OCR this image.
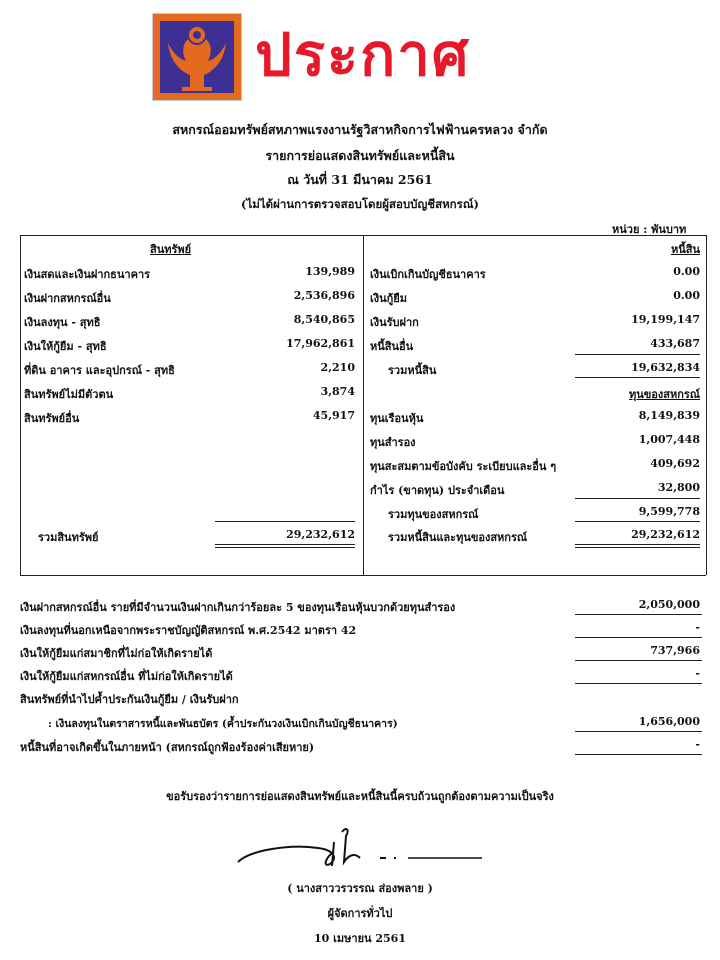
ประกาศ
สหกรณ์ออมทรัพย์สหภาพแรงงานรัฐวิสาหกิจการไฟฟ้านครหลวง จำกัด
รายการย่อแสดงสินทรัพย์และหนี้สิน
ณ วันที่ 31 มีนาคม 2561
(ไม่ได้ผ่านการตรวจสอบโดยผู้สอบบัญชีสหกรณ์)
หน่วย : พันบาท
สินทรัพย์	หนี้สิน
เงินสดและเงินฝากธนาคาร	139,989
เงินฝากสหกรณ์อื่น	2,536,896
เงินลงทุน - สุทธิ	8,540,865
เงินให้กู้ยืม - สุทธิ	17,962,861
ที่ดิน อาคาร และอุปกรณ์ - สุทธิ	2,210
สินทรัพย์ไม่มีตัวตน	3,874
สินทรัพย์อื่น	45,917
เงินเบิกเกินบัญชีธนาคาร	0.00
เงินกู้ยืม	0.00
เงินรับฝาก	19,199,147
หนี้สินอื่น	433,687
รวมหนี้สิน	19,632,834
ทุนของสหกรณ์
ทุนเรือนหุ้น	8,149,839
ทุนสำรอง	1,007,448
ทุนสะสมตามข้อบังคับ ระเบียบและอื่น ๆ	409,692
กำไร (ขาดทุน) ประจำเดือน	32,800
รวมทุนของสหกรณ์	9,599,778
รวมสินทรัพย์	29,232,612	รวมหนี้สินและทุนของสหกรณ์	29,232,612
เงินฝากสหกรณ์อื่น รายที่มีจำนวนเงินฝากเกินกว่าร้อยละ 5 ของทุนเรือนหุ้นบวกด้วยทุนสำรอง	2,050,000
เงินลงทุนที่นอกเหนือจากพระราชบัญญัติสหกรณ์ พ.ศ.2542 มาตรา 42	-
เงินให้กู้ยืมแก่สมาชิกที่ไม่ก่อให้เกิดรายได้	737,966
เงินให้กู้ยืมแก่สหกรณ์อื่น ที่ไม่ก่อให้เกิดรายได้	-
สินทรัพย์ที่นำไปค้ำประกันเงินกู้ยืม / เงินรับฝาก
: เงินลงทุนในตราสารหนี้และพันธบัตร (ค้ำประกันวงเงินเบิกเกินบัญชีธนาคาร)	1,656,000
หนี้สินที่อาจเกิดขึ้นในภายหน้า (สหกรณ์ถูกฟ้องร้องค่าเสียหาย)	-
ขอรับรองว่ารายการย่อแสดงสินทรัพย์และหนี้สินนี้ครบถ้วนถูกต้องตามความเป็นจริง
( นางสาววรวรรณ ส่องพลาย )
ผู้จัดการทั่วไป
10 เมษายน 2561
